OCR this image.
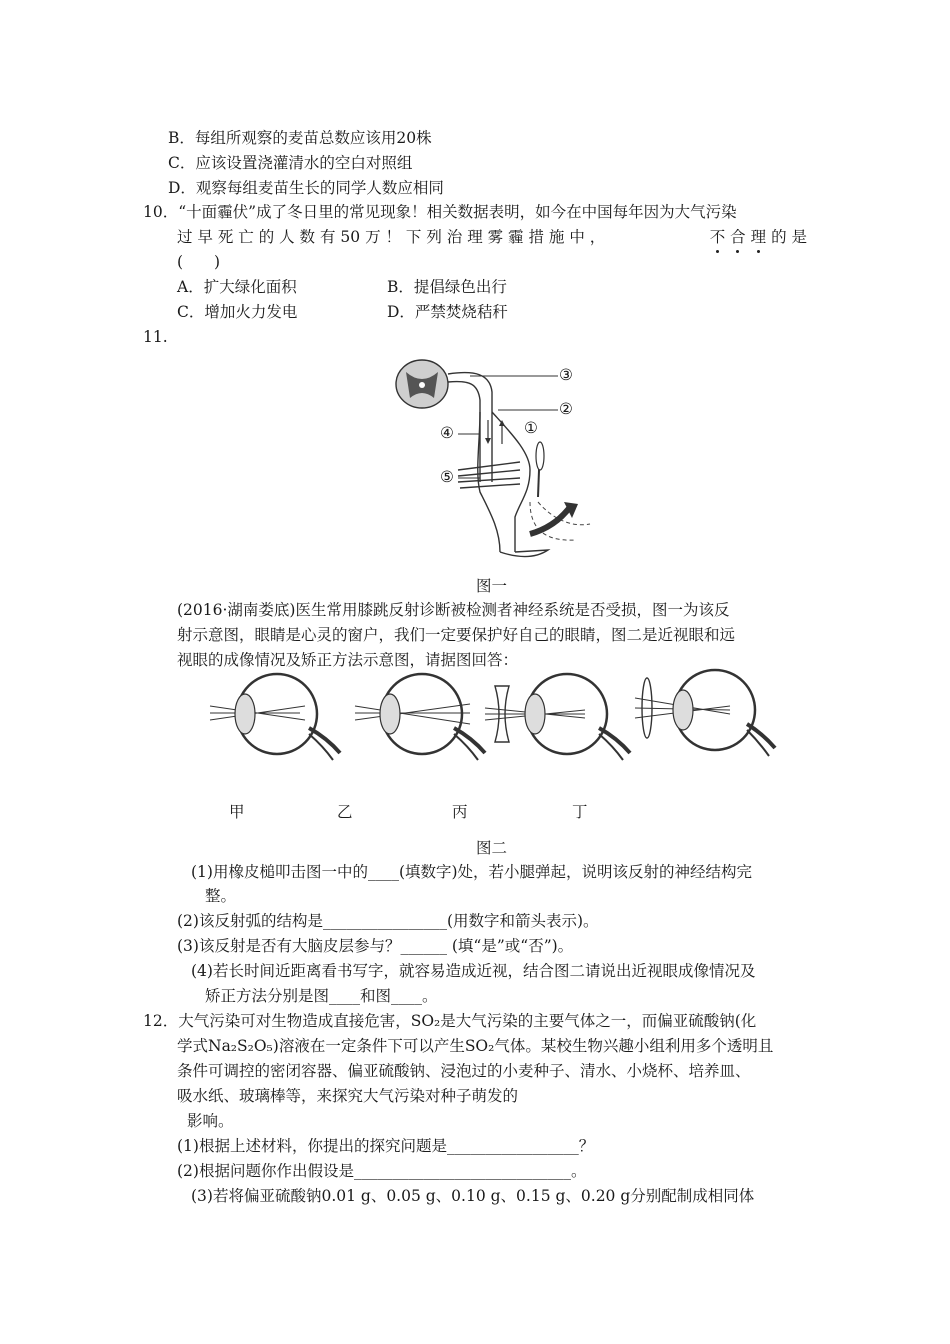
B．每组所观察的麦苗总数应该用20株
C．应该设置浇灌清水的空白对照组
D．观察每组麦苗生长的同学人数应相同
10．“十面霾伏”成了冬日里的常见现象！相关数据表明，如今在中国每年因为大气污染
过 早 死 亡 的 人 数 有 50 万 ！ 下 列 治 理 雾 霾 措 施 中 ，	不 合 理 的 是
(　　)
A．扩大绿化面积	B．提倡绿色出行
C．增加火力发电	D．严禁焚烧秸秆
11.
③
②
④	①
⑤
图一
(2016·湖南娄底)医生常用膝跳反射诊断被检测者神经系统是否受损，图一为该反
射示意图，眼睛是心灵的窗户，我们一定要保护好自己的眼睛，图二是近视眼和远
视眼的成像情况及矫正方法示意图，请据图回答：
甲	乙	丙	丁
图二
(1)用橡皮槌叩击图一中的____(填数字)处，若小腿弹起，说明该反射的神经结构完
整。
(2)该反射弧的结构是________________(用数字和箭头表示)。
(3)该反射是否有大脑皮层参与？______ (填“是”或“否”)。
(4)若长时间近距离看书写字，就容易造成近视，结合图二请说出近视眼成像情况及
矫正方法分别是图____和图____。
12．大气污染可对生物造成直接危害，SO₂是大气污染的主要气体之一，而偏亚硫酸钠(化
学式Na₂S₂O₅)溶液在一定条件下可以产生SO₂气体。某校生物兴趣小组利用多个透明且
条件可调控的密闭容器、偏亚硫酸钠、浸泡过的小麦种子、清水、小烧杯、培养皿、
吸水纸、玻璃棒等，来探究大气污染对种子萌发的
影响。
(1)根据上述材料，你提出的探究问题是_________________？
(2)根据问题你作出假设是____________________________。
(3)若将偏亚硫酸钠0.01 g、0.05 g、0.10 g、0.15 g、0.20 g分别配制成相同体
